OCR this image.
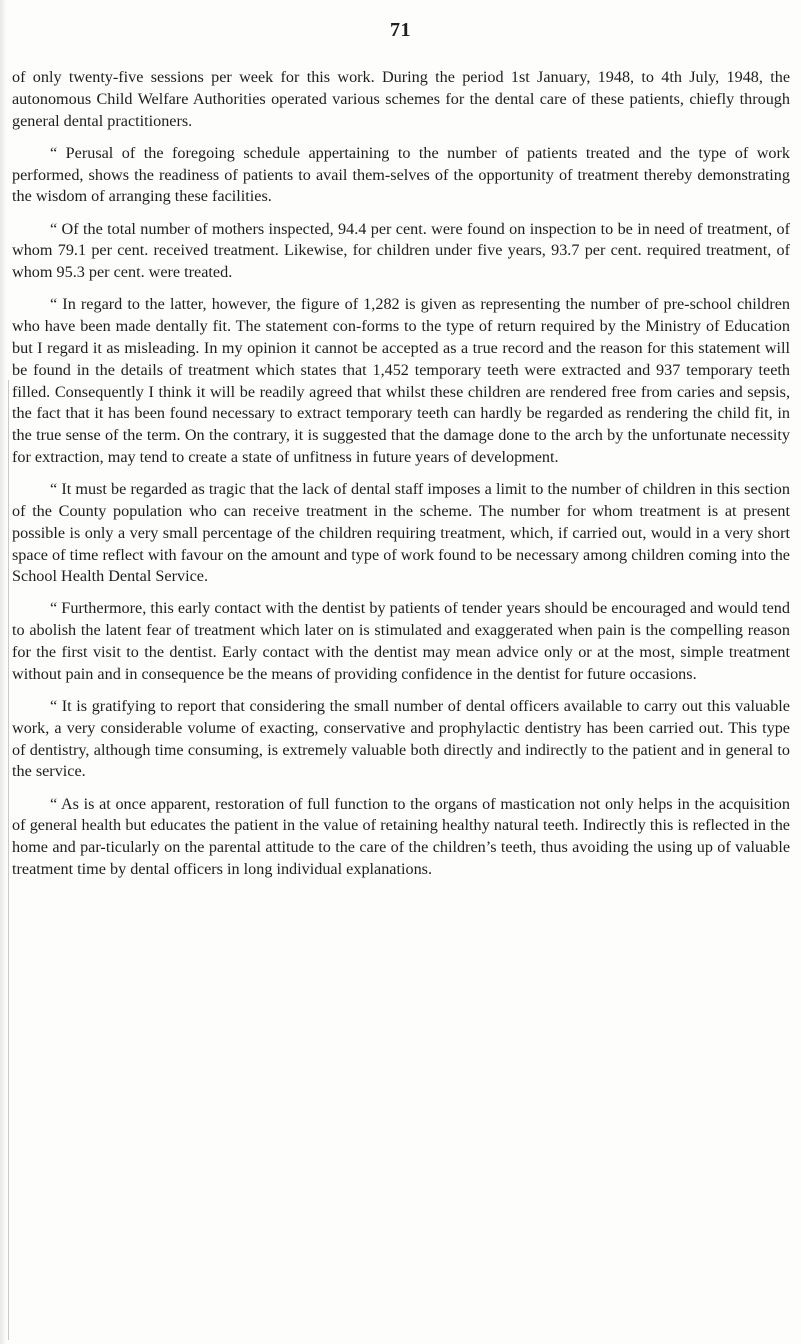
71

of only twenty-five sessions per week for this work. During the period 1st January, 1948, to 4th July, 1948, the autonomous Child Welfare Authorities operated various schemes for the dental care of these patients, chiefly through general dental practitioners.

“ Perusal of the foregoing schedule appertaining to the number of patients treated and the type of work performed, shows the readiness of patients to avail them-selves of the opportunity of treatment thereby demonstrating the wisdom of arranging these facilities.

“ Of the total number of mothers inspected, 94.4 per cent. were found on inspection to be in need of treatment, of whom 79.1 per cent. received treatment. Likewise, for children under five years, 93.7 per cent. required treatment, of whom 95.3 per cent. were treated.

“ In regard to the latter, however, the figure of 1,282 is given as representing the number of pre-school children who have been made dentally fit. The statement con-forms to the type of return required by the Ministry of Education but I regard it as misleading. In my opinion it cannot be accepted as a true record and the reason for this statement will be found in the details of treatment which states that 1,452 temporary teeth were extracted and 937 temporary teeth filled. Consequently I think it will be readily agreed that whilst these children are rendered free from caries and sepsis, the fact that it has been found necessary to extract temporary teeth can hardly be regarded as rendering the child fit, in the true sense of the term. On the contrary, it is suggested that the damage done to the arch by the unfortunate necessity for extraction, may tend to create a state of unfitness in future years of development.

“ It must be regarded as tragic that the lack of dental staff imposes a limit to the number of children in this section of the County population who can receive treatment in the scheme. The number for whom treatment is at present possible is only a very small percentage of the children requiring treatment, which, if carried out, would in a very short space of time reflect with favour on the amount and type of work found to be necessary among children coming into the School Health Dental Service.

“ Furthermore, this early contact with the dentist by patients of tender years should be encouraged and would tend to abolish the latent fear of treatment which later on is stimulated and exaggerated when pain is the compelling reason for the first visit to the dentist. Early contact with the dentist may mean advice only or at the most, simple treatment without pain and in consequence be the means of providing confidence in the dentist for future occasions.

“ It is gratifying to report that considering the small number of dental officers available to carry out this valuable work, a very considerable volume of exacting, conservative and prophylactic dentistry has been carried out. This type of dentistry, although time consuming, is extremely valuable both directly and indirectly to the patient and in general to the service.

“ As is at once apparent, restoration of full function to the organs of mastication not only helps in the acquisition of general health but educates the patient in the value of retaining healthy natural teeth. Indirectly this is reflected in the home and par-ticularly on the parental attitude to the care of the children’s teeth, thus avoiding the using up of valuable treatment time by dental officers in long individual explanations.
